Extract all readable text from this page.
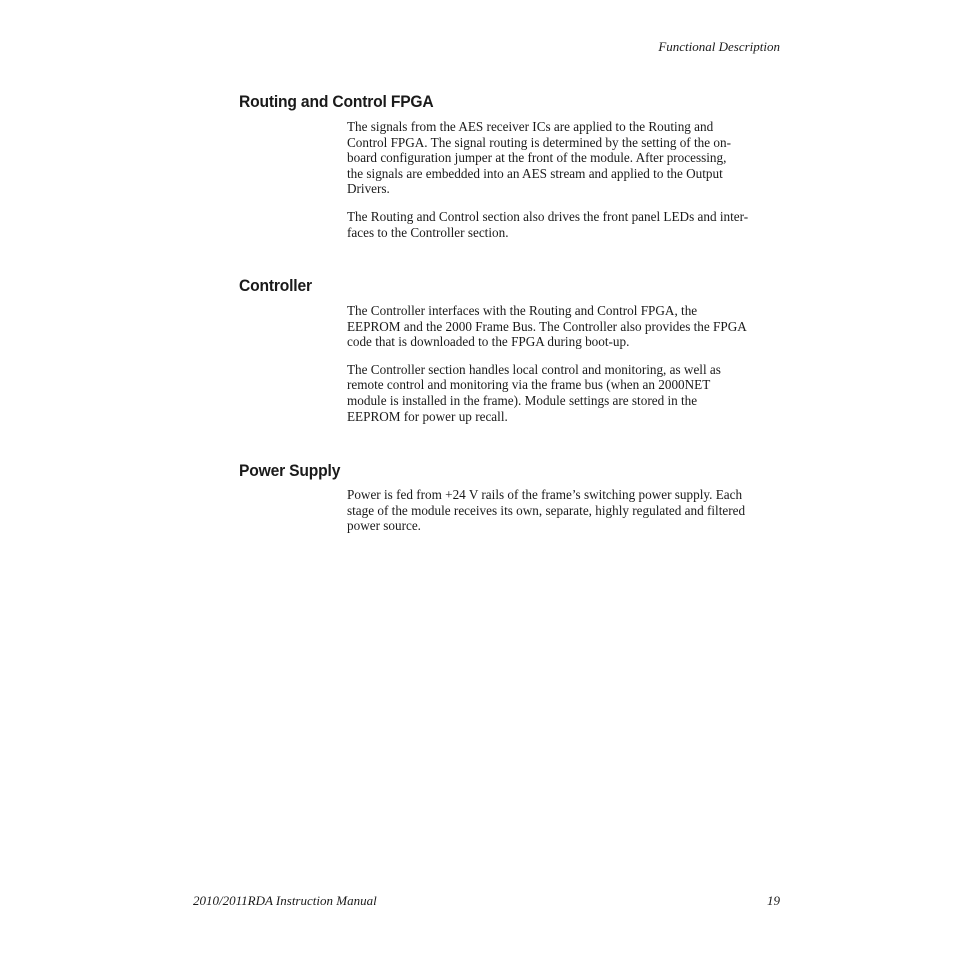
Functional Description
Routing and Control FPGA

The signals from the AES receiver ICs are applied to the Routing and
Control FPGA. The signal routing is determined by the setting of the on-
board configuration jumper at the front of the module. After processing,
the signals are embedded into an AES stream and applied to the Output
Drivers.

The Routing and Control section also drives the front panel LEDs and inter-
faces to the Controller section.

Controller

The Controller interfaces with the Routing and Control FPGA, the
EEPROM and the 2000 Frame Bus. The Controller also provides the FPGA
code that is downloaded to the FPGA during boot-up.

The Controller section handles local control and monitoring, as well as
remote control and monitoring via the frame bus (when an 2000NET
module is installed in the frame). Module settings are stored in the
EEPROM for power up recall.

Power Supply

Power is fed from +24 V rails of the frame’s switching power supply. Each
stage of the module receives its own, separate, highly regulated and filtered
power source.

2010/2011RDA Instruction Manual	19
